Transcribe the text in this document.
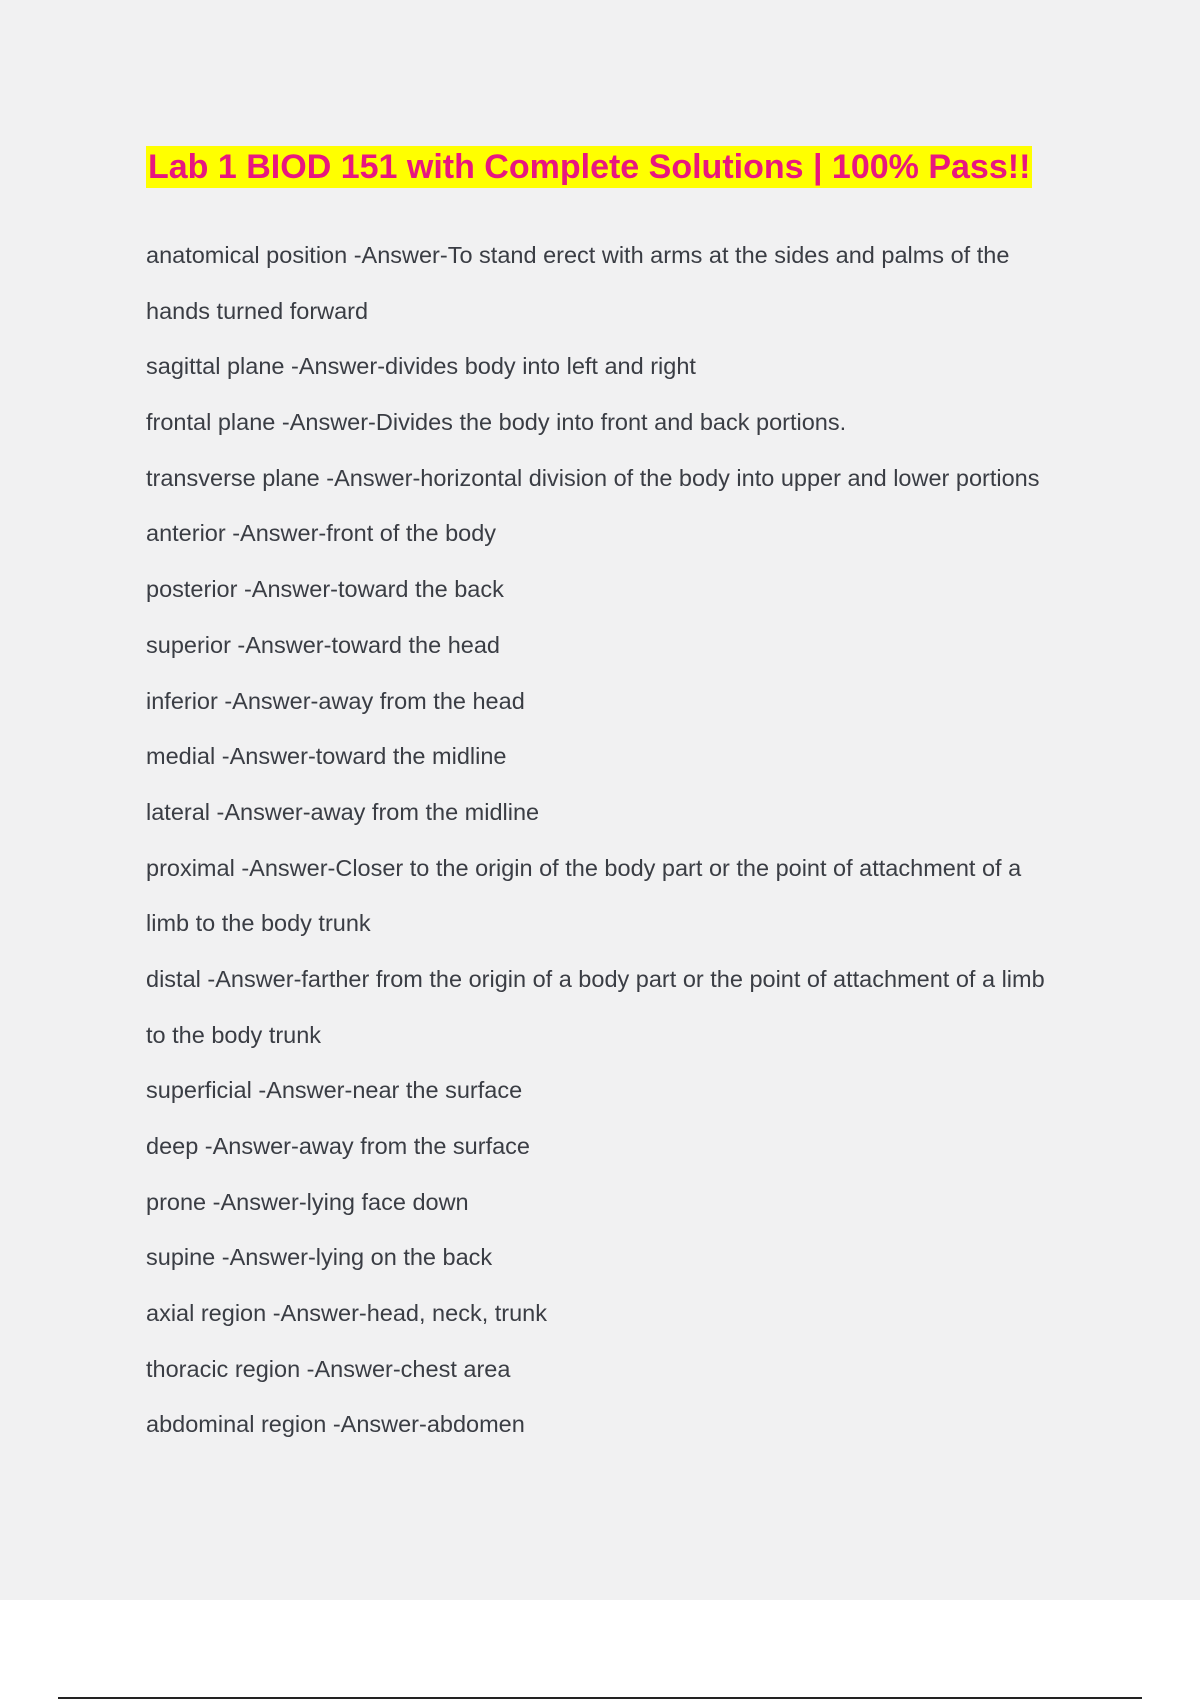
Lab 1 BIOD 151 with Complete Solutions | 100% Pass!!
anatomical position -Answer-To stand erect with arms at the sides and palms of the
hands turned forward
sagittal plane -Answer-divides body into left and right
frontal plane -Answer-Divides the body into front and back portions.
transverse plane -Answer-horizontal division of the body into upper and lower portions
anterior -Answer-front of the body
posterior -Answer-toward the back
superior -Answer-toward the head
inferior -Answer-away from the head
medial -Answer-toward the midline
lateral -Answer-away from the midline
proximal -Answer-Closer to the origin of the body part or the point of attachment of a
limb to the body trunk
distal -Answer-farther from the origin of a body part or the point of attachment of a limb
to the body trunk
superficial -Answer-near the surface
deep -Answer-away from the surface
prone -Answer-lying face down
supine -Answer-lying on the back
axial region -Answer-head, neck, trunk
thoracic region -Answer-chest area
abdominal region -Answer-abdomen
